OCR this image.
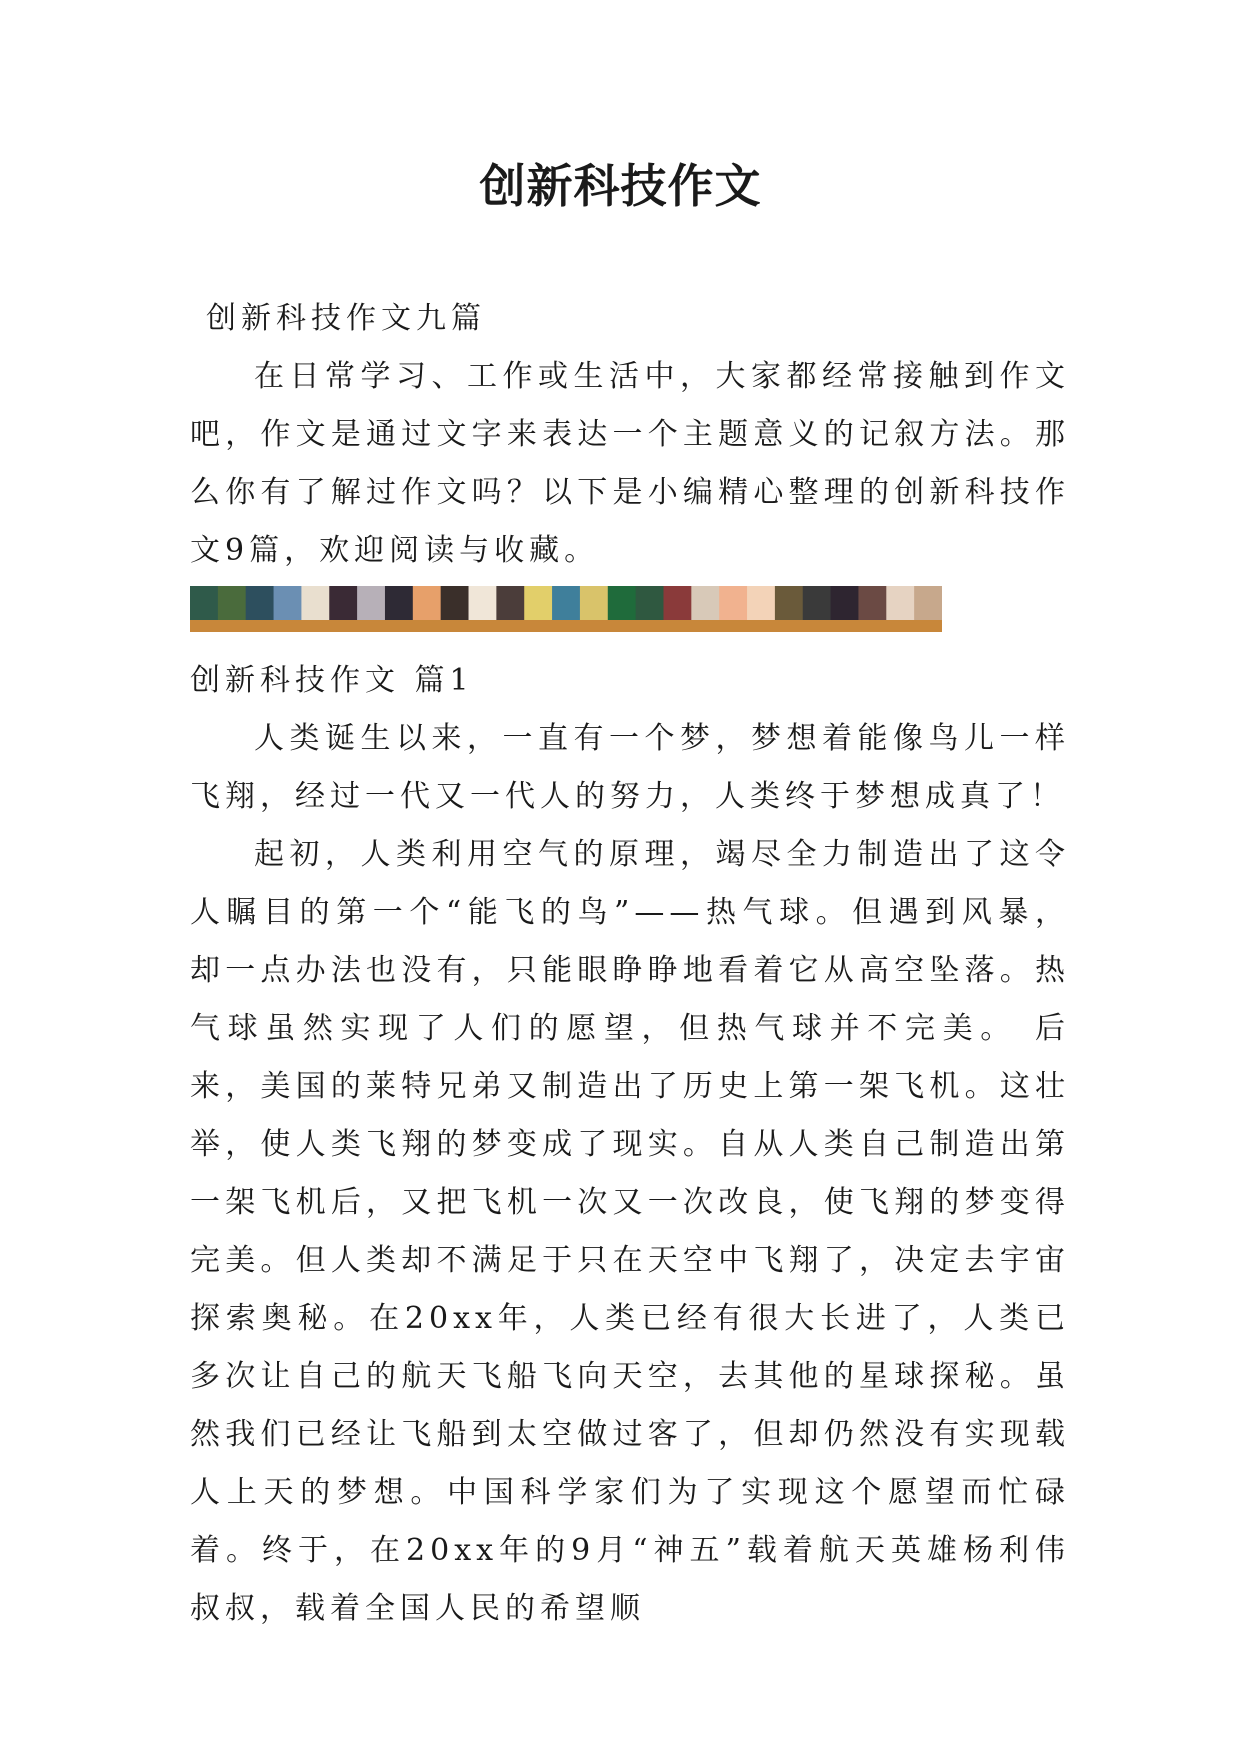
创新科技作文

创新科技作文九篇

在日常学习、工作或生活中，大家都经常接触到作文吧，作文是通过文字来表达一个主题意义的记叙方法。那么你有了解过作文吗？以下是小编精心整理的创新科技作文9篇，欢迎阅读与收藏。

创新科技作文 篇1

人类诞生以来，一直有一个梦，梦想着能像鸟儿一样飞翔，经过一代又一代人的努力，人类终于梦想成真了！

起初，人类利用空气的原理，竭尽全力制造出了这令人瞩目的第一个“能飞的鸟”——热气球。但遇到风暴，却一点办法也没有，只能眼睁睁地看着它从高空坠落。热气球虽然实现了人们的愿望，但热气球并不完美。 后来，美国的莱特兄弟又制造出了历史上第一架飞机。这壮举，使人类飞翔的梦变成了现实。自从人类自己制造出第一架飞机后，又把飞机一次又一次改良，使飞翔的梦变得完美。但人类却不满足于只在天空中飞翔了，决定去宇宙探索奥秘。在20xx年，人类已经有很大长进了，人类已多次让自己的航天飞船飞向天空，去其他的星球探秘。虽然我们已经让飞船到太空做过客了，但却仍然没有实现载人上天的梦想。中国科学家们为了实现这个愿望而忙碌着。终于，在20xx年的9月“神五”载着航天英雄杨利伟叔叔，载着全国人民的希望顺
